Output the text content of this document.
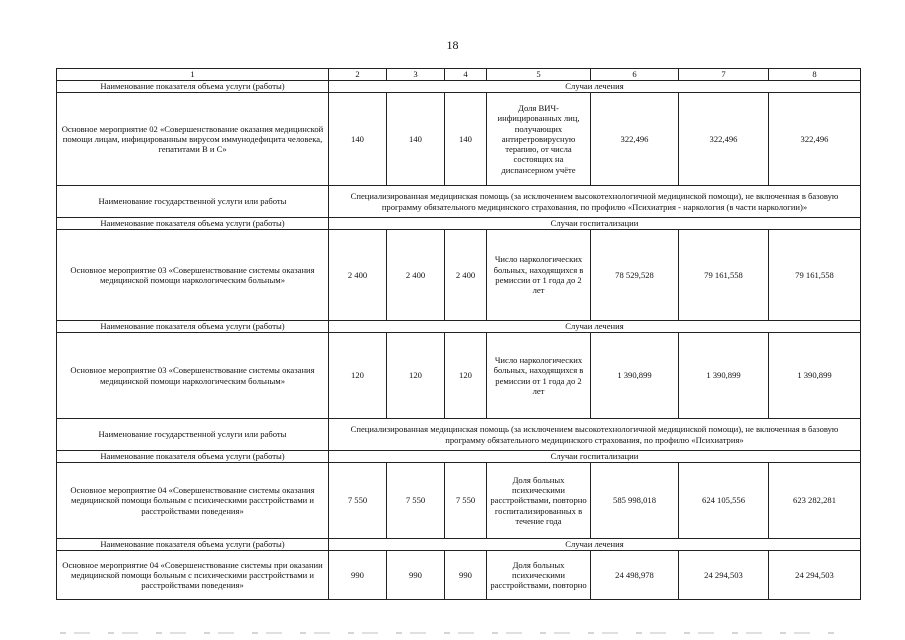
18
1	2	3	4	5	6	7	8
Наименование показателя объема услуги (работы)	Случаи лечения						
Основное мероприятие 02 «Совершенствование оказания медицинской помощи лицам, инфицированным вирусом иммунодефицита человека, гепатитами В и С»	140	140	140	Доля ВИЧ-инфицированных лиц, получающих антиретровирусную терапию, от числа состоящих на диспансерном учёте	322,496	322,496	322,496
Наименование государственной услуги или работы	Специализированная медицинская помощь (за исключением высокотехнологичной медицинской помощи), не включенная в базовую программу обязательного медицинского страхования, по профилю «Психиатрия - наркология (в части наркологии)»						
Наименование показателя объема услуги (работы)	Случаи госпитализации						
Основное мероприятие 03 «Совершенствование системы оказания медицинской помощи наркологическим больным»	2 400	2 400	2 400	Число наркологических больных, находящихся в ремиссии от 1 года до 2 лет	78 529,528	79 161,558	79 161,558
Наименование показателя объема услуги (работы)	Случаи лечения						
Основное мероприятие 03 «Совершенствование системы оказания медицинской помощи наркологическим больным»	120	120	120	Число наркологических больных, находящихся в ремиссии от 1 года до 2 лет	1 390,899	1 390,899	1 390,899
Наименование государственной услуги или работы	Специализированная медицинская помощь (за исключением высокотехнологичной медицинской помощи), не включенная в базовую программу обязательного медицинского страхования, по профилю «Психиатрия»						
Наименование показателя объема услуги (работы)	Случаи госпитализации						
Основное мероприятие 04 «Совершенствование системы оказания медицинской помощи больным с психическими расстройствами и расстройствами поведения»	7 550	7 550	7 550	Доля больных психическими расстройствами, повторно госпитализированных в течение года	585 998,018	624 105,556	623 282,281
Наименование показателя объема услуги (работы)	Случаи лечения						
Основное мероприятие 04 «Совершенствование системы при оказании медицинской помощи больным с психическими расстройствами и расстройствами поведения»	990	990	990	Доля больных психическими расстройствами, повторно	24 498,978	24 294,503	24 294,503
